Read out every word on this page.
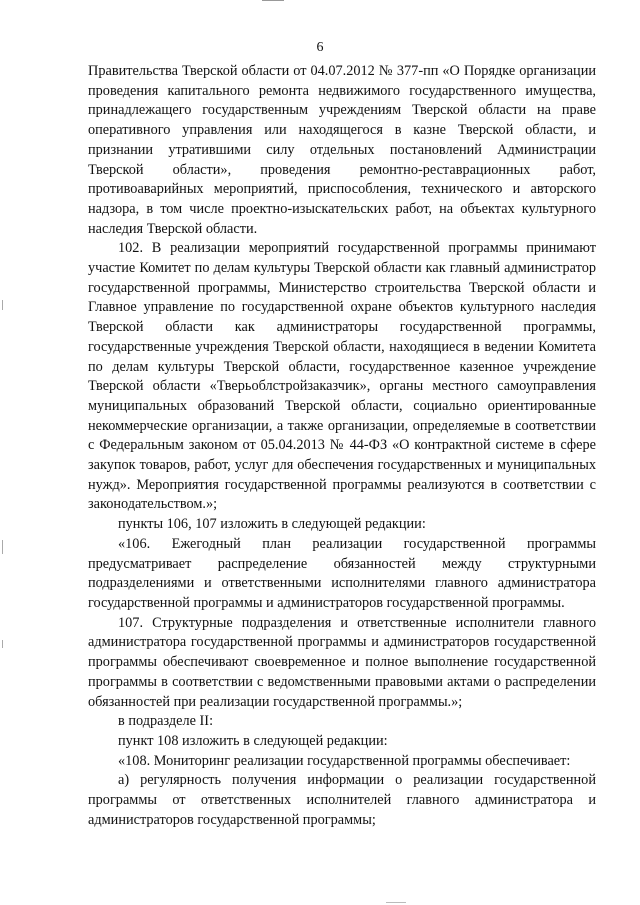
6

Правительства Тверской области от 04.07.2012 № 377-пп «О Порядке организации проведения капитального ремонта недвижимого государственного имущества, принадлежащего государственным учреждениям Тверской области на праве оперативного управления или находящегося в казне Тверской области, и признании утратившими силу отдельных постановлений Администрации Тверской области», проведения ремонтно-реставрационных работ, противоаварийных мероприятий, приспособления, технического и авторского надзора, в том числе проектно-изыскательских работ, на объектах культурного наследия Тверской области.

102. В реализации мероприятий государственной программы принимают участие Комитет по делам культуры Тверской области как главный администратор государственной программы, Министерство строительства Тверской области и Главное управление по государственной охране объектов культурного наследия Тверской области как администраторы государственной программы, государственные учреждения Тверской области, находящиеся в ведении Комитета по делам культуры Тверской области, государственное казенное учреждение Тверской области «Тверьоблстройзаказчик», органы местного самоуправления муниципальных образований Тверской области, социально ориентированные некоммерческие организации, а также организации, определяемые в соответствии с Федеральным законом от 05.04.2013 № 44-ФЗ «О контрактной системе в сфере закупок товаров, работ, услуг для обеспечения государственных и муниципальных нужд». Мероприятия государственной программы реализуются в соответствии с законодательством.»;

пункты 106, 107 изложить в следующей редакции:

«106. Ежегодный план реализации государственной программы предусматривает распределение обязанностей между структурными подразделениями и ответственными исполнителями главного администратора государственной программы и администраторов государственной программы.

107. Структурные подразделения и ответственные исполнители главного администратора государственной программы и администраторов государственной программы обеспечивают своевременное и полное выполнение государственной программы в соответствии с ведомственными правовыми актами о распределении обязанностей при реализации государственной программы.»;

в подразделе II:

пункт 108 изложить в следующей редакции:

«108. Мониторинг реализации государственной программы обеспечивает:

а) регулярность получения информации о реализации государственной программы от ответственных исполнителей главного администратора и администраторов государственной программы;
